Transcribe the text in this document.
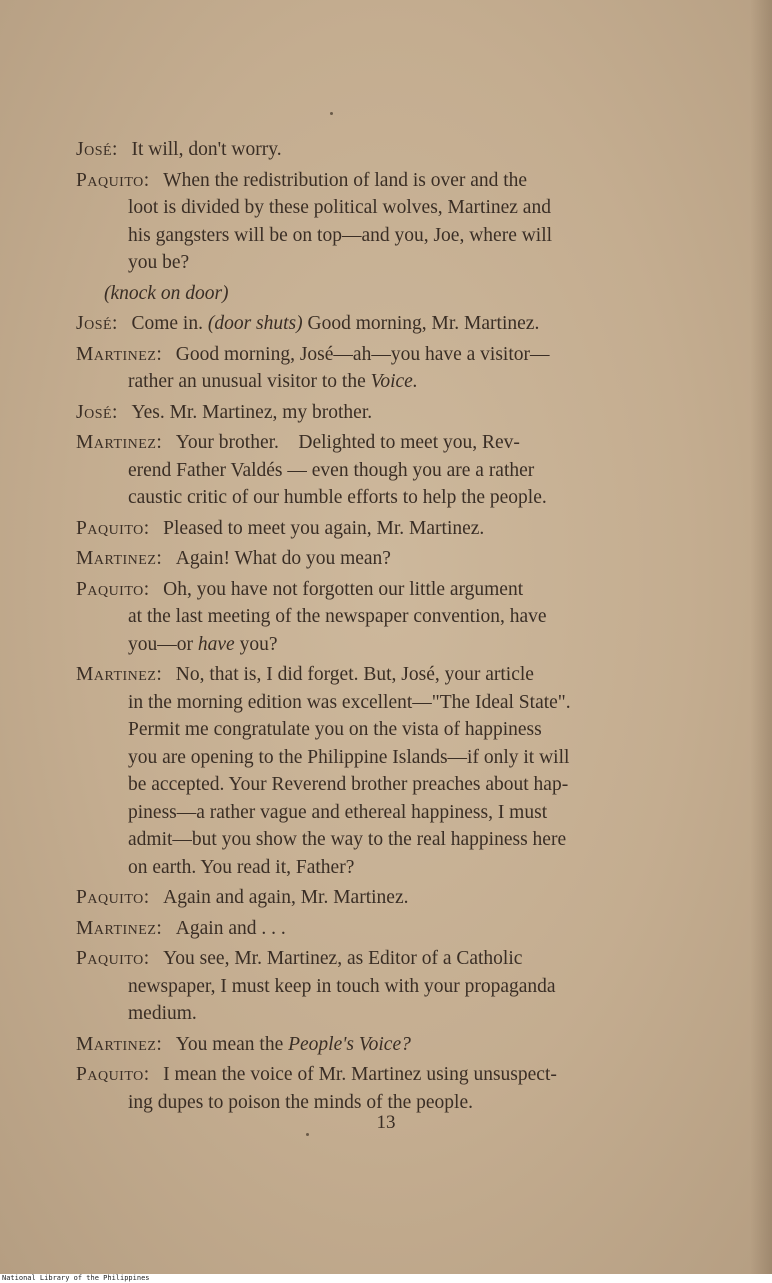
José: It will, don't worry.

Paquito: When the redistribution of land is over and the
loot is divided by these political wolves, Martinez and
his gangsters will be on top—and you, Joe, where will
you be?

(knock on door)

José: Come in. (door shuts) Good morning, Mr. Martinez.

Martinez: Good morning, José—ah—you have a visitor—
rather an unusual visitor to the Voice.

José: Yes. Mr. Martinez, my brother.

Martinez: Your brother.    Delighted to meet you, Rev-
erend Father Valdés — even though you are a rather
caustic critic of our humble efforts to help the people.

Paquito: Pleased to meet you again, Mr. Martinez.

Martinez: Again! What do you mean?

Paquito: Oh, you have not forgotten our little argument
at the last meeting of the newspaper convention, have
you—or have you?

Martinez: No, that is, I did forget. But, José, your article
in the morning edition was excellent—"The Ideal State".
Permit me congratulate you on the vista of happiness
you are opening to the Philippine Islands—if only it will
be accepted. Your Reverend brother preaches about hap-
piness—a rather vague and ethereal happiness, I must
admit—but you show the way to the real happiness here
on earth. You read it, Father?

Paquito: Again and again, Mr. Martinez.

Martinez: Again and . . .

Paquito: You see, Mr. Martinez, as Editor of a Catholic
newspaper, I must keep in touch with your propaganda
medium.

Martinez: You mean the People's Voice?

Paquito: I mean the voice of Mr. Martinez using unsuspect-
ing dupes to poison the minds of the people.

13
National Library of the Philippines
